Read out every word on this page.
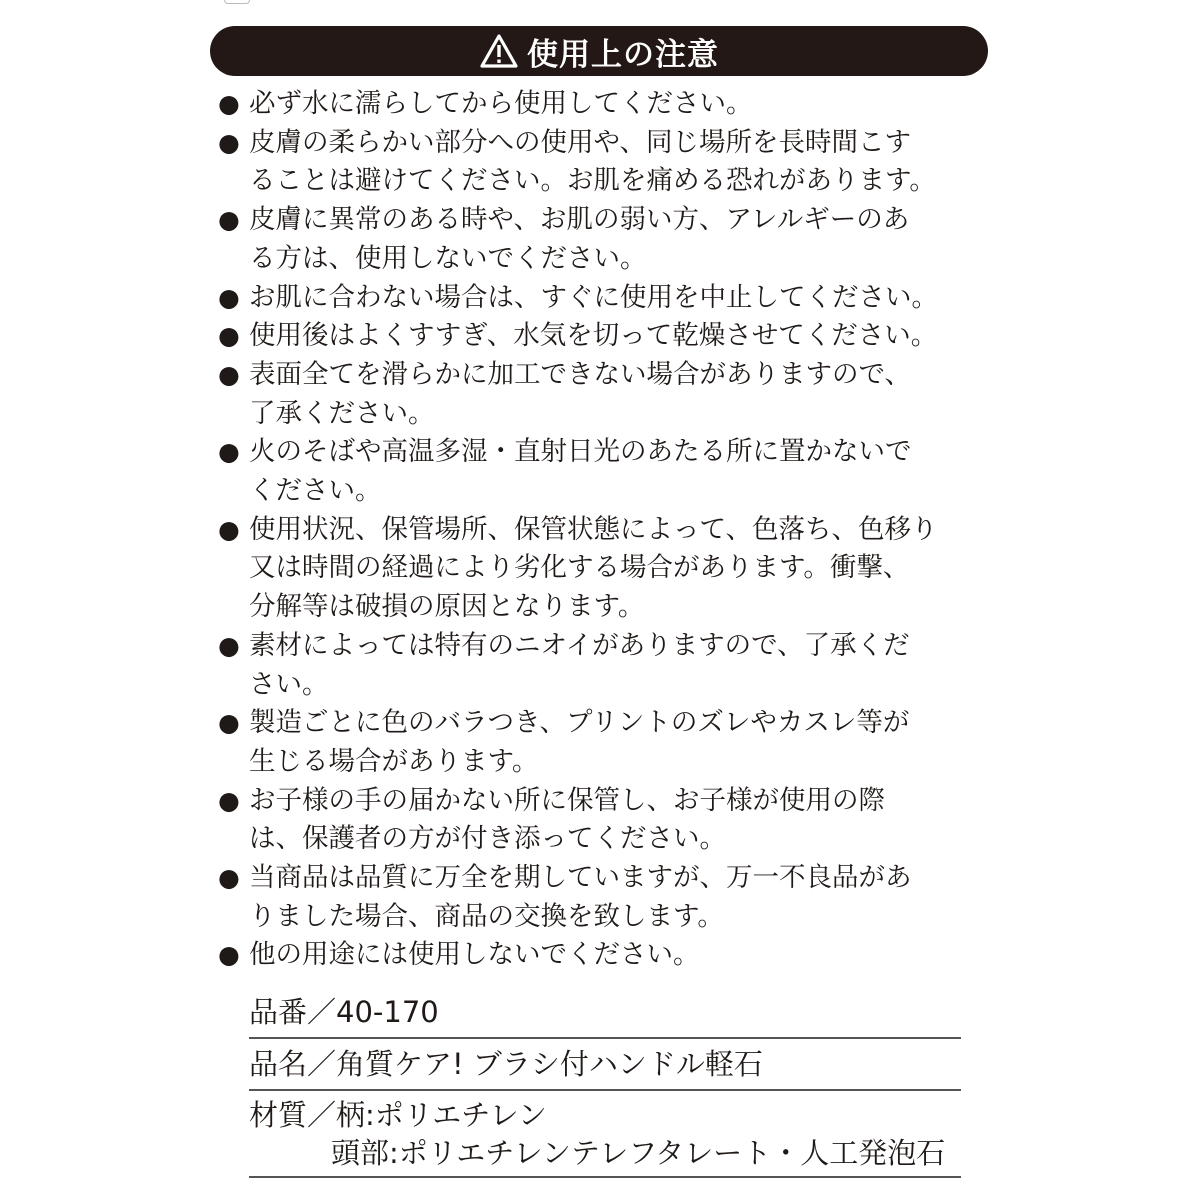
使用上の注意
● 必ず水に濡らしてから使用してください。
● 皮膚の柔らかい部分への使用や、同じ場所を長時間こす
ることは避けてください。お肌を痛める恐れがあります。
● 皮膚に異常のある時や、お肌の弱い方、アレルギーのあ
る方は、使用しないでください。
● お肌に合わない場合は、すぐに使用を中止してください。
● 使用後はよくすすぎ、水気を切って乾燥させてください。
● 表面全てを滑らかに加工できない場合がありますので、
了承ください。
● 火のそばや高温多湿・直射日光のあたる所に置かないで
ください。
● 使用状況、保管場所、保管状態によって、色落ち、色移り
又は時間の経過により劣化する場合があります。衝撃、
分解等は破損の原因となります。
● 素材によっては特有のニオイがありますので、了承くだ
さい。
● 製造ごとに色のバラつき、プリントのズレやカスレ等が
生じる場合があります。
● お子様の手の届かない所に保管し、お子様が使用の際
は、保護者の方が付き添ってください。
● 当商品は品質に万全を期していますが、万一不良品があ
りました場合、商品の交換を致します。
● 他の用途には使用しないでください。
品番／40-170
品名／角質ケア! ブラシ付ハンドル軽石
材質／柄:ポリエチレン
頭部:ポリエチレンテレフタレート・人工発泡石
